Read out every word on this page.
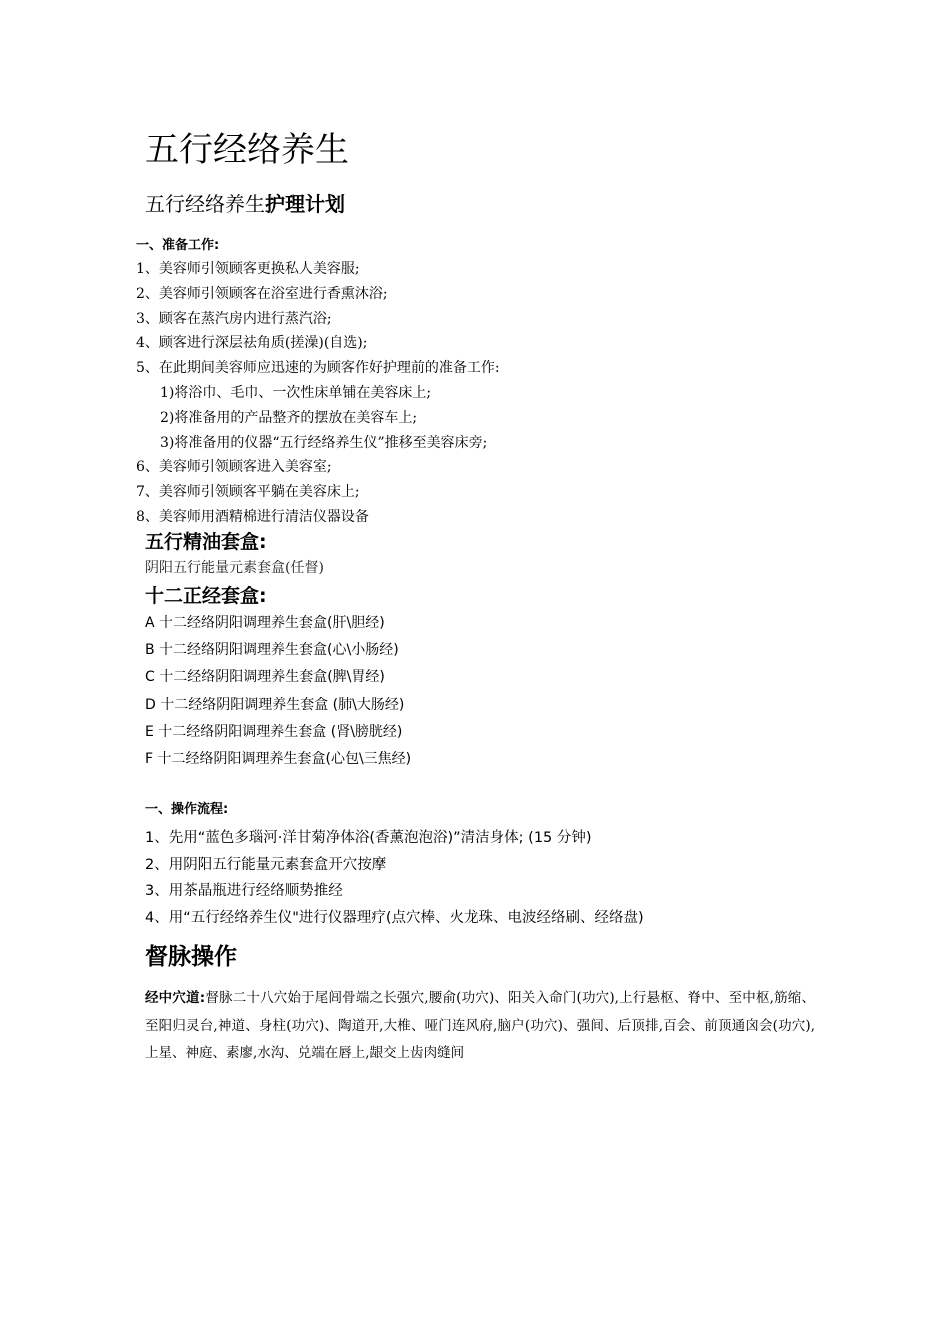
五行经络养生
五行经络养生护理计划
一、准备工作:
1、美容师引领顾客更换私人美容服;
2、美容师引领顾客在浴室进行香熏沐浴;
3、顾客在蒸汽房内进行蒸汽浴;
4、顾客进行深层祛角质(搓澡)(自选);
5、在此期间美容师应迅速的为顾客作好护理前的准备工作:
1)将浴巾、毛巾、一次性床单铺在美容床上;
2)将准备用的产品整齐的摆放在美容车上;
3)将准备用的仪器“五行经络养生仪”推移至美容床旁;
6、美容师引领顾客进入美容室;
7、美容师引领顾客平躺在美容床上;
8、美容师用酒精棉进行清洁仪器设备
五行精油套盒:
阴阳五行能量元素套盒(任督)
十二正经套盒:
A 十二经络阴阳调理养生套盒(肝\胆经)
B 十二经络阴阳调理养生套盒(心\小肠经)
C 十二经络阴阳调理养生套盒(脾\胃经)
D 十二经络阴阳调理养生套盒 (肺\大肠经)
E 十二经络阴阳调理养生套盒 (肾\膀胱经)
F 十二经络阴阳调理养生套盒(心包\三焦经)
一、操作流程:
1、先用“蓝色多瑙河·洋甘菊净体浴(香薰泡泡浴)”清洁身体; (15 分钟)
2、用阴阳五行能量元素套盒开穴按摩
3、用茶晶瓶进行经络顺势推经
4、用“五行经络养生仪"进行仪器理疗(点穴棒、火龙珠、电波经络刷、经络盘)
督脉操作
经中穴道:督脉二十八穴始于尾闾骨端之长强穴,腰俞(功穴)、阳关入命门(功穴),上行悬枢、脊中、至中枢,筋缩、至阳归灵台,神道、身柱(功穴)、陶道开,大椎、哑门连风府,脑户(功穴)、强间、后顶排,百会、前顶通囟会(功穴),上星、神庭、素廖,水沟、兑端在唇上,龈交上齿肉缝间
